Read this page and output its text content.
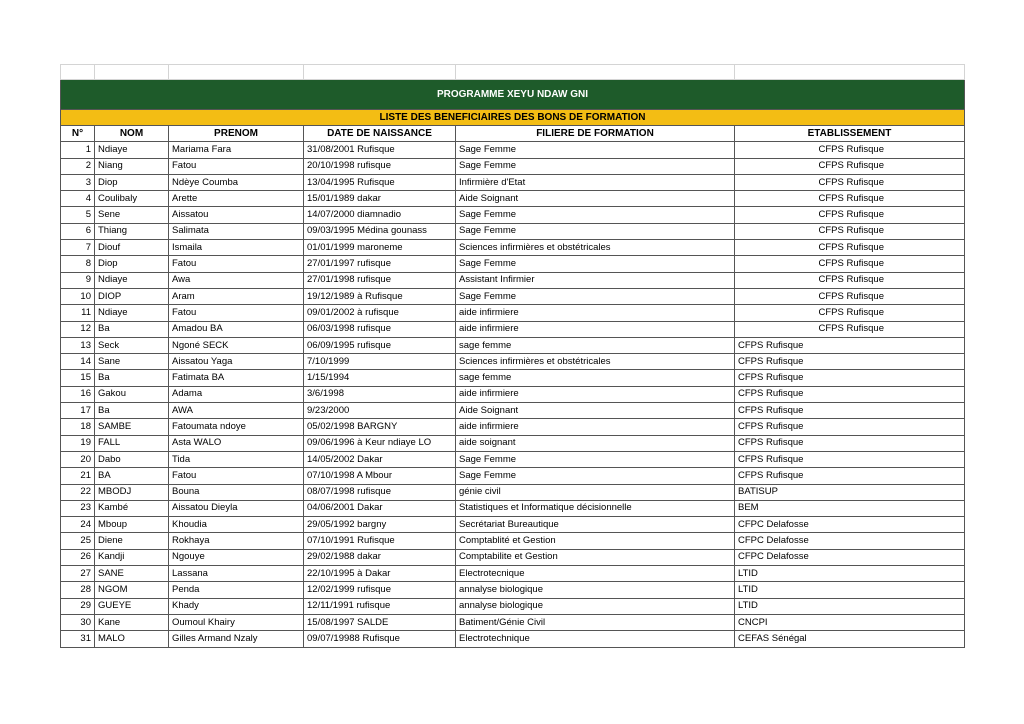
PROGRAMME XEYU NDAW GNI					
LISTE DES BENEFICIAIRES DES BONS DE FORMATION					
N°	NOM	PRENOM	DATE DE NAISSANCE	FILIERE DE FORMATION	ETABLISSEMENT
1	Ndiaye	Mariama Fara	31/08/2001 Rufisque	Sage Femme	CFPS Rufisque
2	Niang	Fatou	20/10/1998 rufisque	Sage Femme	CFPS Rufisque
3	Diop	Ndèye Coumba	13/04/1995 Rufisque	Infirmière d'Etat	CFPS Rufisque
4	Coulibaly	Arette	15/01/1989 dakar	Aide Soignant	CFPS Rufisque
5	Sene	Aissatou	14/07/2000 diamnadio	Sage Femme	CFPS Rufisque
6	Thiang	Salimata	09/03/1995 Médina gounass	Sage Femme	CFPS Rufisque
7	Diouf	Ismaila	01/01/1999 maroneme	Sciences infirmières et obstétricales	CFPS Rufisque
8	Diop	Fatou	27/01/1997 rufisque	Sage Femme	CFPS Rufisque
9	Ndiaye	Awa	27/01/1998 rufisque	Assistant Infirmier	CFPS Rufisque
10	DIOP	Aram	19/12/1989 à Rufisque	Sage Femme	CFPS Rufisque
11	Ndiaye	Fatou	09/01/2002 à rufisque	aide infirmiere	CFPS Rufisque
12	Ba	Amadou BA	06/03/1998 rufisque	aide infirmiere	CFPS Rufisque
13	Seck	Ngoné SECK	06/09/1995 rufisque	sage femme	CFPS Rufisque
14	Sane	Aissatou Yaga	7/10/1999	Sciences infirmières et obstétricales	CFPS Rufisque
15	Ba	Fatimata BA	1/15/1994	sage femme	CFPS Rufisque
16	Gakou	Adama	3/6/1998	aide infirmiere	CFPS Rufisque
17	Ba	AWA	9/23/2000	Aide Soignant	CFPS Rufisque
18	SAMBE	Fatoumata ndoye	05/02/1998 BARGNY	aide infirmiere	CFPS Rufisque
19	FALL	Asta WALO	09/06/1996 à Keur ndiaye LO	aide soignant	CFPS Rufisque
20	Dabo	Tida	14/05/2002 Dakar	Sage Femme	CFPS Rufisque
21	BA	Fatou	07/10/1998 A Mbour	Sage Femme	CFPS Rufisque
22	MBODJ	Bouna	08/07/1998 rufisque	génie civil	BATISUP
23	Kambé	Aissatou Dieyla	04/06/2001 Dakar	Statistiques et Informatique décisionnelle	BEM
24	Mboup	Khoudia	29/05/1992 bargny	Secrétariat Bureautique	CFPC Delafosse
25	Diene	Rokhaya	07/10/1991 Rufisque	Comptablité et Gestion	CFPC Delafosse
26	Kandji	Ngouye	29/02/1988 dakar	Comptabilite et Gestion	CFPC Delafosse
27	SANE	Lassana	22/10/1995 à Dakar	Electrotecnique	LTID
28	NGOM	Penda	12/02/1999 rufisque	annalyse biologique	LTID
29	GUEYE	Khady	12/11/1991 rufisque	annalyse biologique	LTID
30	Kane	Oumoul Khairy	15/08/1997 SALDE	Batiment/Génie Civil	CNCPI
31	MALO	Gilles Armand Nzaly	09/07/19988 Rufisque	Electrotechnique	CEFAS Sénégal
